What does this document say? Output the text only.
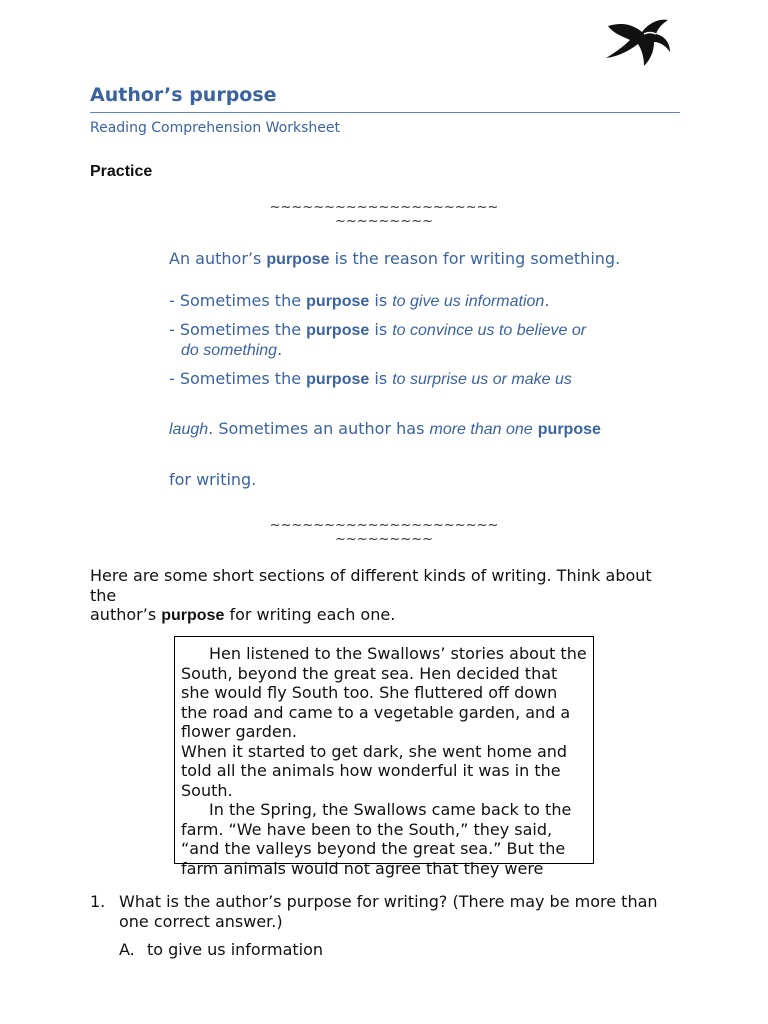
Author’s purpose
Reading Comprehension Worksheet
Practice
~~~~~~~~~~~~~~~~~~~~~
~~~~~~~~~
An author’s purpose is the reason for writing something.
- Sometimes the purpose is to give us information.
- Sometimes the purpose is to convince us to believe or
do something.
- Sometimes the purpose is to surprise us or make us
laugh. Sometimes an author has more than one purpose
for writing.
~~~~~~~~~~~~~~~~~~~~~
~~~~~~~~~
Here are some short sections of different kinds of writing. Think about the
author’s purpose for writing each one.

Hen listened to the Swallows’ stories about the South, beyond the great sea. Hen decided that she would fly South too. She fluttered off down the road and came to a vegetable garden, and a flower garden.

When it started to get dark, she went home and told all the animals how wonderful it was in the South.

In the Spring, the Swallows came back to the farm. “We have been to the South,” they said, “and the valleys beyond the great sea.” But the farm animals would not agree that they were

1. What is the author’s purpose for writing? (There may be more than one correct answer.)
A. to give us information
